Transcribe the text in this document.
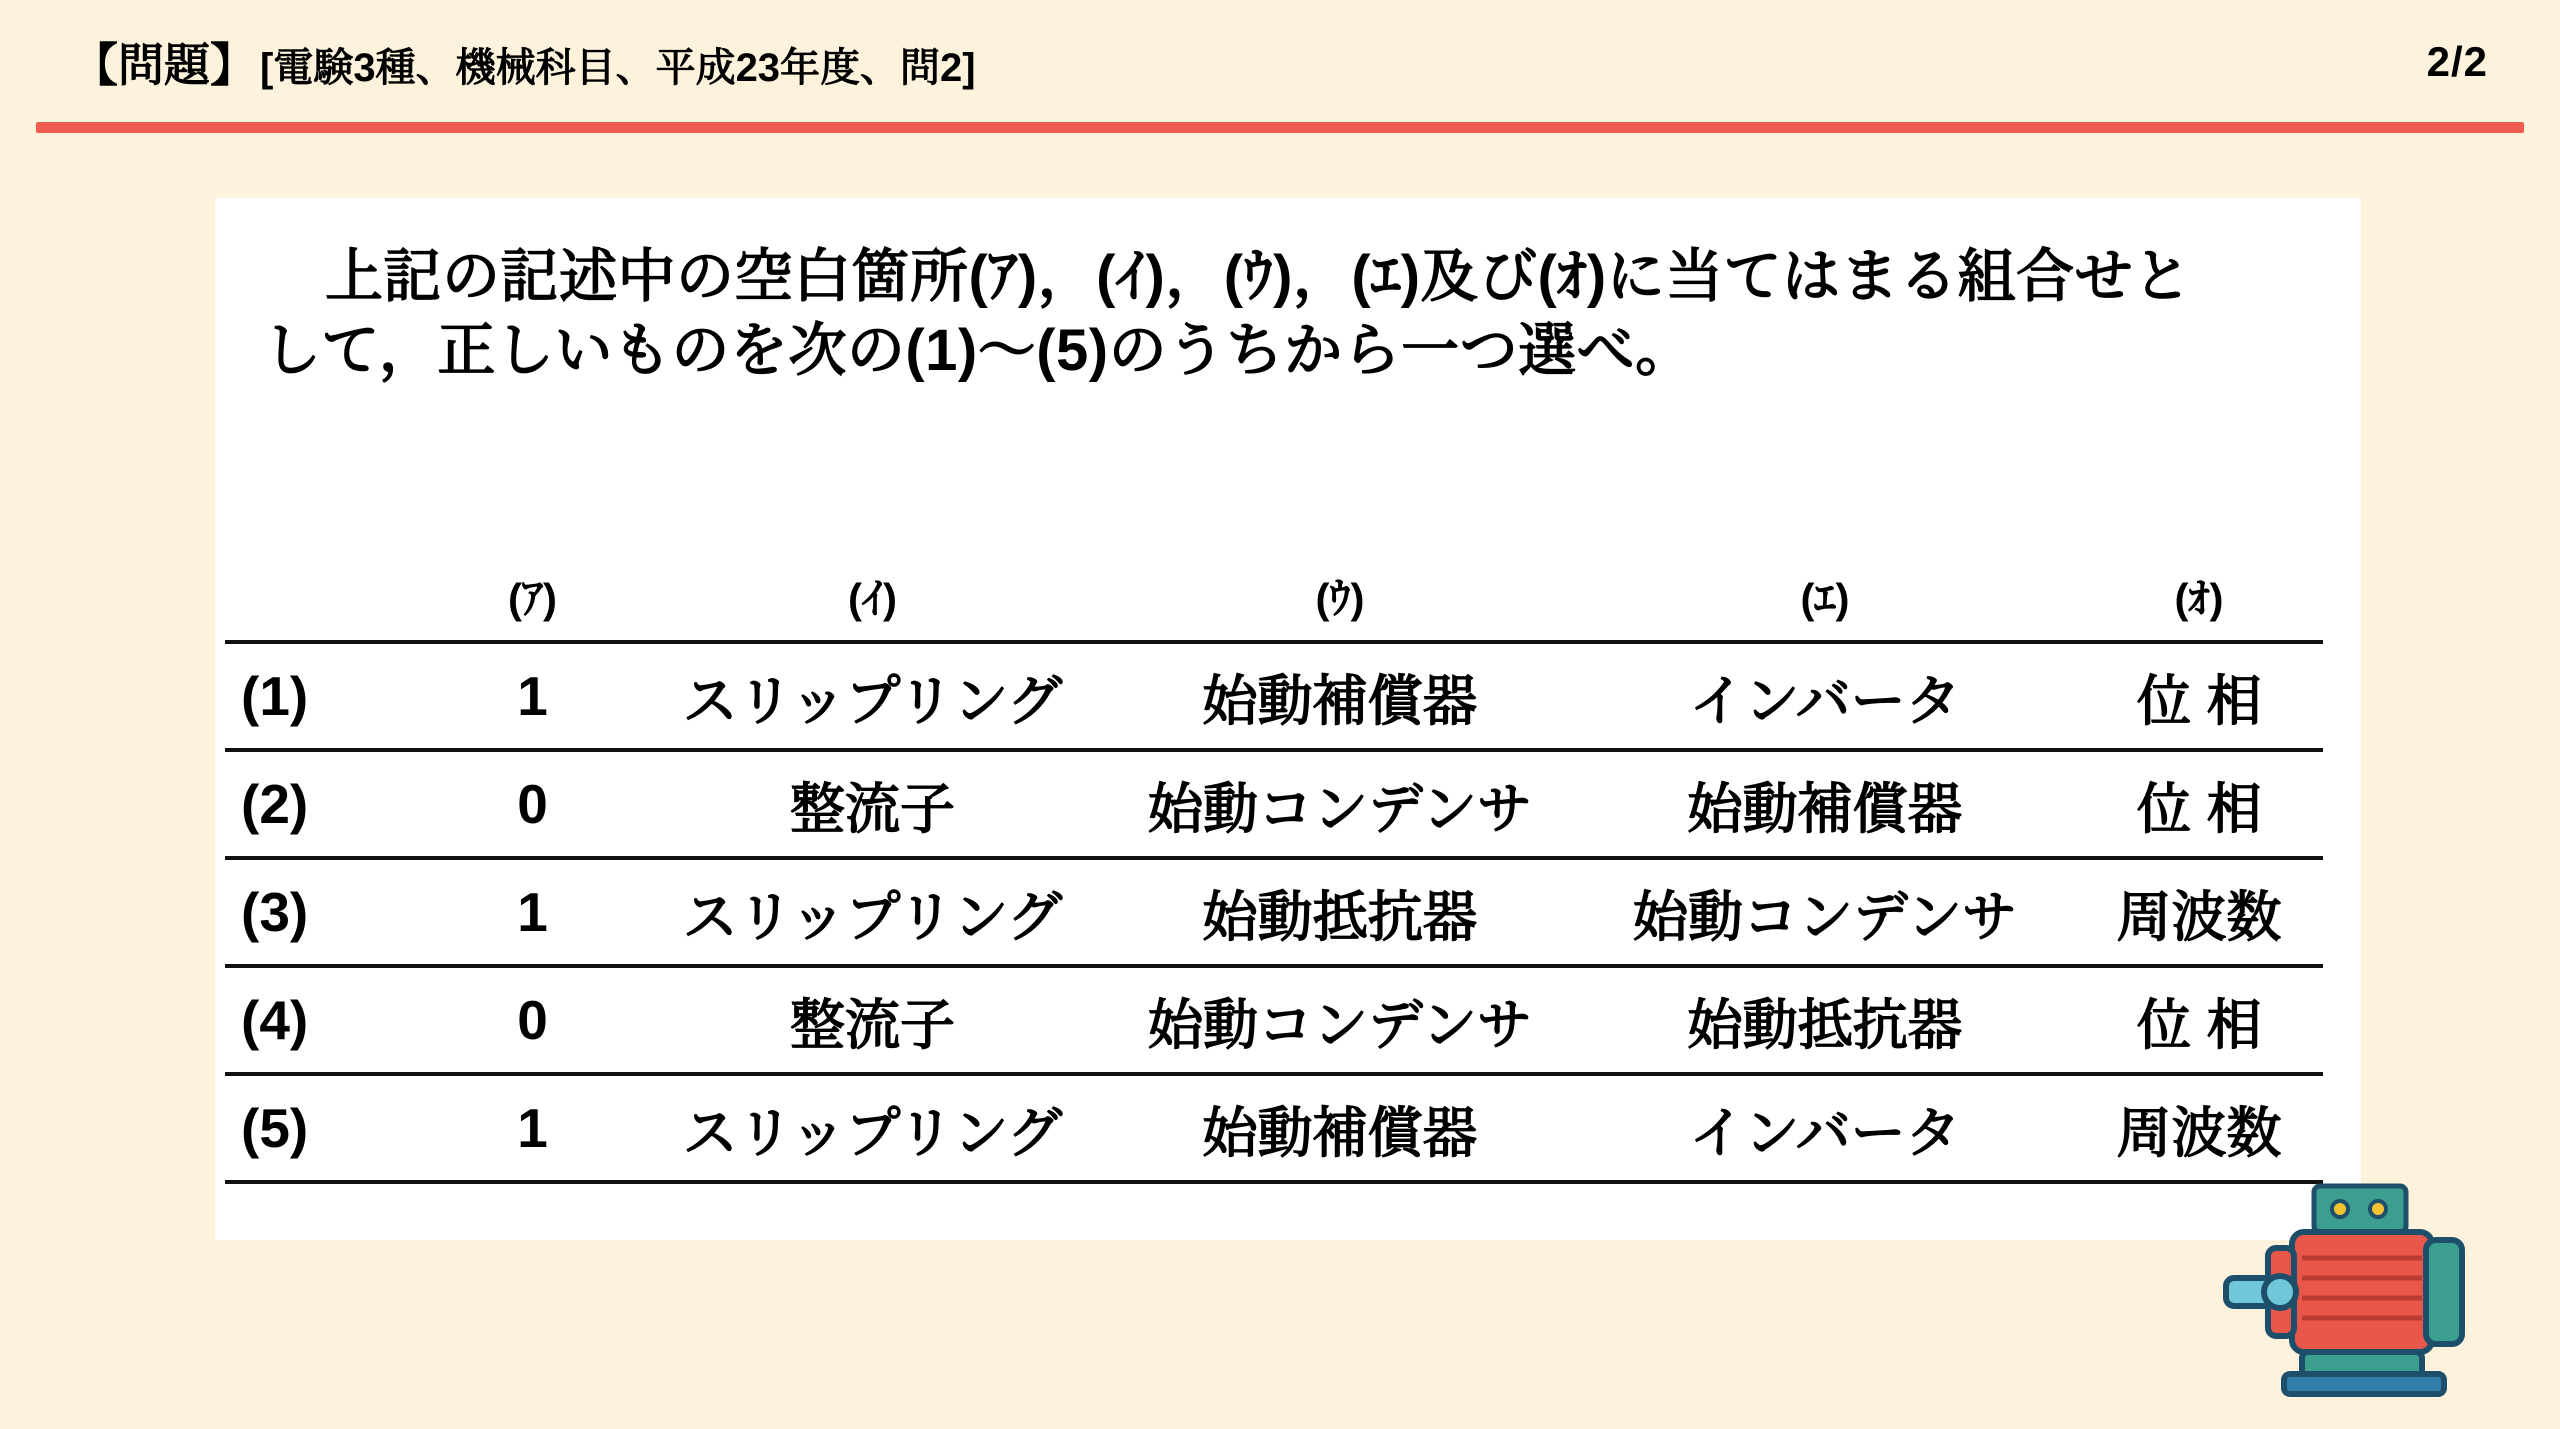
【問題】 [電験3種、機械科目、平成23年度、問2]	2/2
上記の記述中の空白箇所(ｱ)，(ｲ)，(ｳ)，(ｴ)及び(ｵ)に当てはまる組合せと
して，正しいものを次の(1)～(5)のうちから一つ選べ。
	(ｱ)	(ｲ)	(ｳ)	(ｴ)	(ｵ)
(1)	1	スリップリング	始動補償器	インバータ	位 相
(2)	0	整流子	始動コンデンサ	始動補償器	位 相
(3)	1	スリップリング	始動抵抗器	始動コンデンサ	周波数
(4)	0	整流子	始動コンデンサ	始動抵抗器	位 相
(5)	1	スリップリング	始動補償器	インバータ	周波数
